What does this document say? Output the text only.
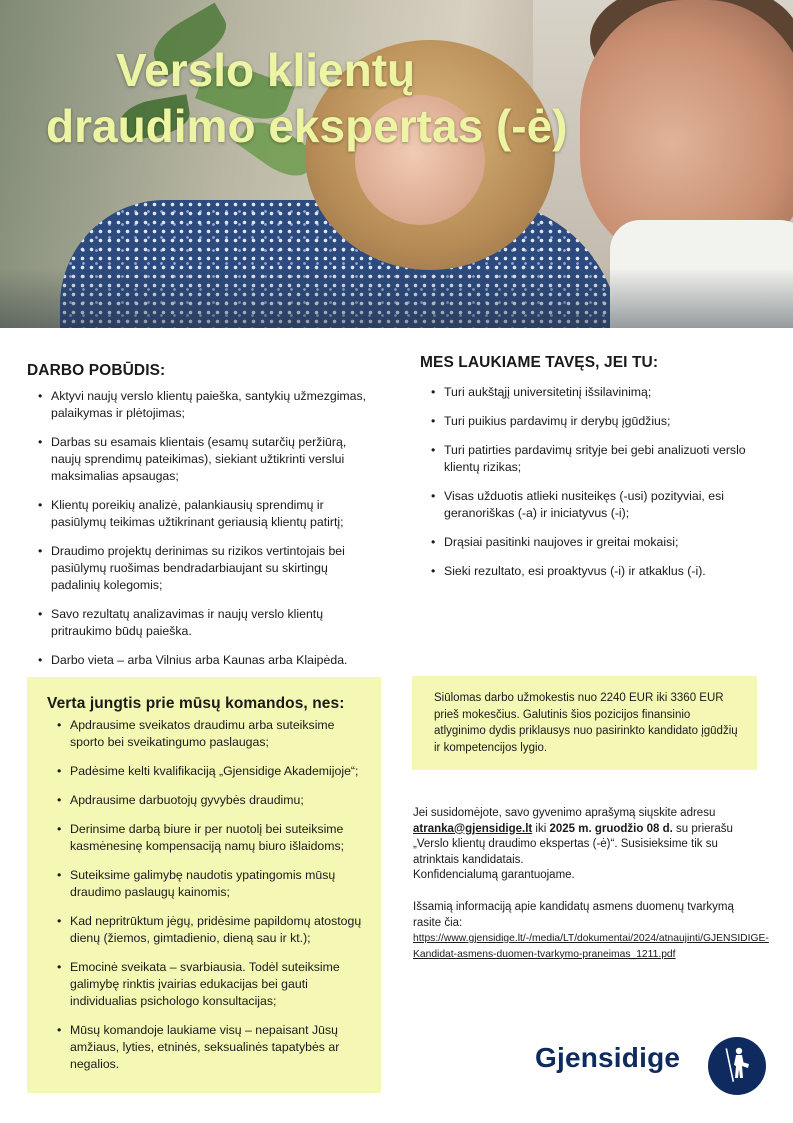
Verslo klientų
draudimo ekspertas (-ė)
DARBO POBŪDIS:
• Aktyvi naujų verslo klientų paieška, santykių užmezgimas, palaikymas ir plėtojimas;
• Darbas su esamais klientais (esamų sutarčių peržiūrą, naujų sprendimų pateikimas), siekiant užtikrinti verslui maksimalias apsaugas;
• Klientų poreikių analizė, palankiausių sprendimų ir pasiūlymų teikimas užtikrinant geriausią klientų patirtį;
• Draudimo projektų derinimas su rizikos vertintojais bei pasiūlymų ruošimas bendradarbiaujant su skirtingų padalinių kolegomis;
• Savo rezultatų analizavimas ir naujų verslo klientų pritraukimo būdų paieška.
• Darbo vieta – arba Vilnius arba Kaunas arba Klaipėda.
MES LAUKIAME TAVĘS, JEI TU:
• Turi aukštąjį universitetinį išsilavinimą;
• Turi puikius pardavimų ir derybų įgūdžius;
• Turi patirties pardavimų srityje bei gebi analizuoti verslo klientų rizikas;
• Visas užduotis atlieki nusiteikęs (-usi) pozityviai, esi geranoriškas (-a) ir iniciatyvus (-i);
• Drąsiai pasitinki naujoves ir greitai mokaisi;
• Sieki rezultato, esi proaktyvus (-i) ir atkaklus (-i).
Verta jungtis prie mūsų komandos, nes:
• Apdrausime sveikatos draudimu arba suteiksime sporto bei sveikatingumo paslaugas;
• Padėsime kelti kvalifikaciją „Gjensidige Akademijoje“;
• Apdrausime darbuotojų gyvybės draudimu;
• Derinsime darbą biure ir per nuotolį bei suteiksime kasmėnesinę kompensaciją namų biuro išlaidoms;
• Suteiksime galimybę naudotis ypatingomis mūsų draudimo paslaugų kainomis;
• Kad nepritrūktum jėgų, pridėsime papildomų atostogų dienų (žiemos, gimtadienio, dieną sau ir kt.);
• Emocinė sveikata – svarbiausia. Todėl suteiksime galimybę rinktis įvairias edukacijas bei gauti individualias psichologo konsultacijas;
• Mūsų komandoje laukiame visų – nepaisant Jūsų amžiaus, lyties, etninės, seksualinės tapatybės ar negalios.

Siūlomas darbo užmokestis nuo 2240 EUR iki 3360 EUR prieš mokesčius. Galutinis šios pozicijos finansinio atlyginimo dydis priklausys nuo pasirinkto kandidato įgūdžių ir kompetencijos lygio.

Jei susidomėjote, savo gyvenimo aprašymą siųskite adresu atranka@gjensidige.lt iki 2025 m. gruodžio 08 d. su prierašu „Verslo klientų draudimo ekspertas (-ė)“. Susisieksime tik su atrinktais kandidatais.
Konfidencialumą garantuojame.

Išsamią informaciją apie kandidatų asmens duomenų tvarkymą rasite čia: https://www.gjensidige.lt/-/media/LT/dokumentai/2024/atnaujinti/GJENSIDIGE-Kandidat-asmens-duomen-tvarkymo-praneimas_1211.pdf

Gjensidige
